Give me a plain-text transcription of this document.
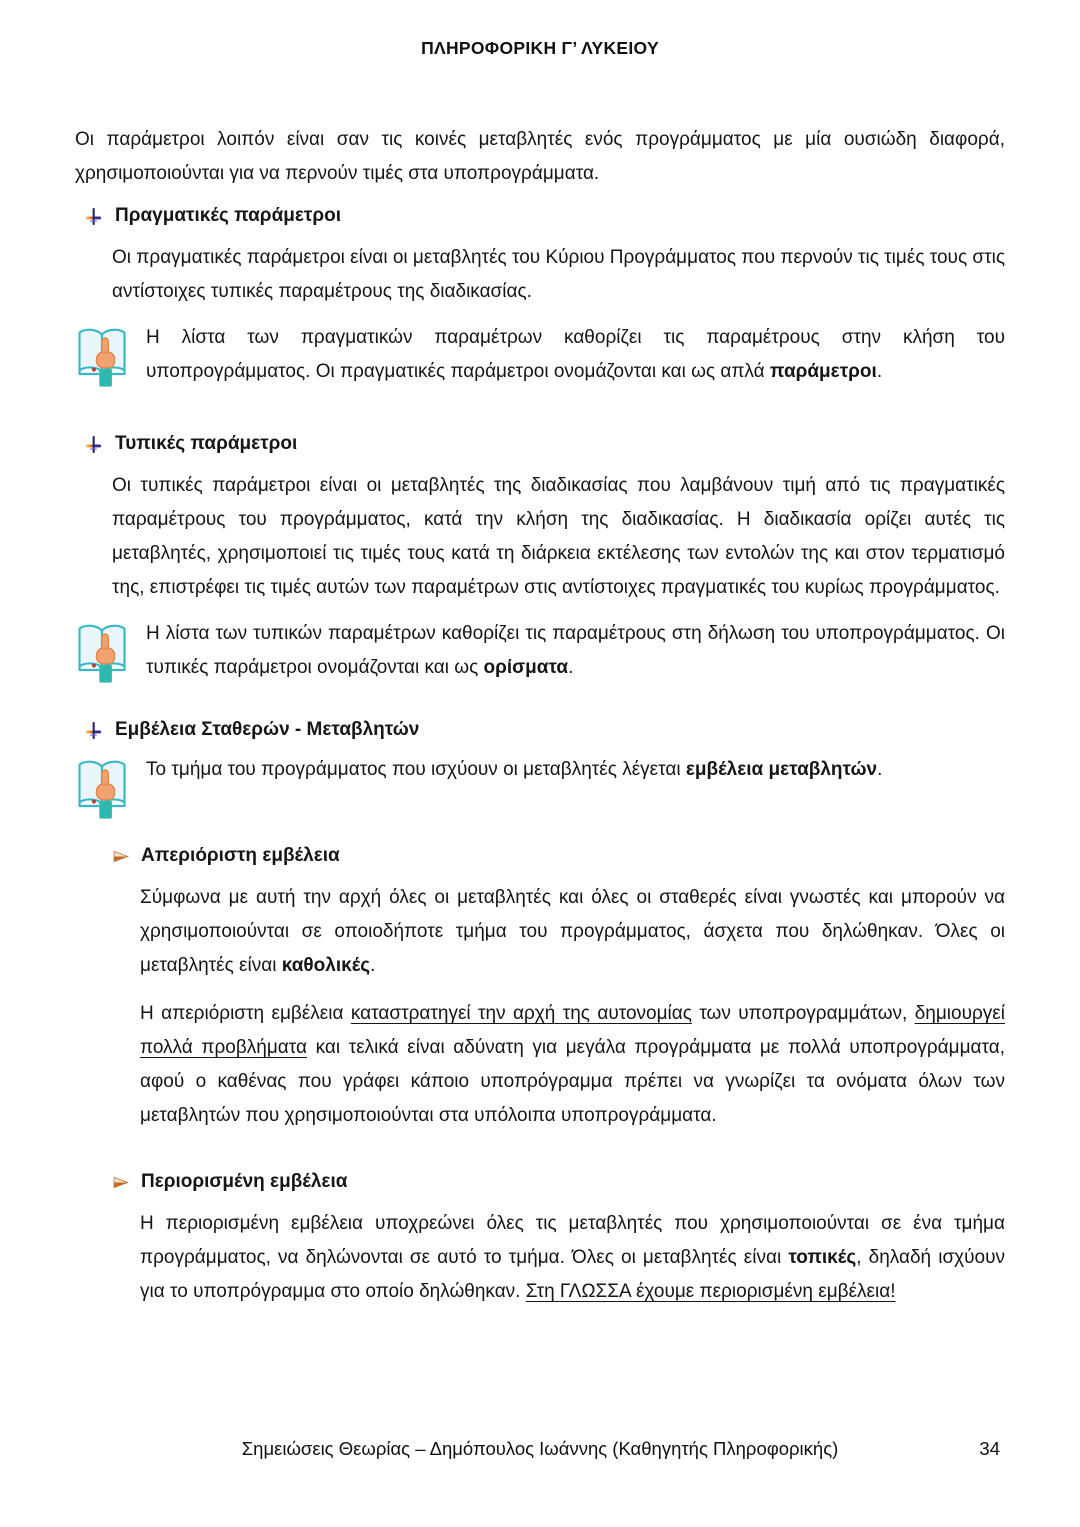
ΠΛΗΡΟΦΟΡΙΚΗ Γ’ ΛΥΚΕΙΟΥ

Οι παράμετροι λοιπόν είναι σαν τις κοινές μεταβλητές ενός προγράμματος με μία ουσιώδη διαφορά, χρησιμοποιούνται για να περνούν τιμές στα υποπρογράμματα.

Πραγματικές παράμετροι

Οι πραγματικές παράμετροι είναι οι μεταβλητές του Κύριου Προγράμματος που περνούν τις τιμές τους στις αντίστοιχες τυπικές παραμέτρους της διαδικασίας.

Η λίστα των πραγματικών παραμέτρων καθορίζει τις παραμέτρους στην κλήση του υποπρογράμματος. Οι πραγματικές παράμετροι ονομάζονται και ως απλά παράμετροι.

Τυπικές παράμετροι

Οι τυπικές παράμετροι είναι οι μεταβλητές της διαδικασίας που λαμβάνουν τιμή από τις πραγματικές παραμέτρους του προγράμματος, κατά την κλήση της διαδικασίας. Η διαδικασία ορίζει αυτές τις μεταβλητές, χρησιμοποιεί τις τιμές τους κατά τη διάρκεια εκτέλεσης των εντολών της και στον τερματισμό της, επιστρέφει τις τιμές αυτών των παραμέτρων στις αντίστοιχες πραγματικές του κυρίως προγράμματος.

Η λίστα των τυπικών παραμέτρων καθορίζει τις παραμέτρους στη δήλωση του υποπρογράμματος. Οι τυπικές παράμετροι ονομάζονται και ως ορίσματα.

Εμβέλεια Σταθερών - Μεταβλητών

Το τμήμα του προγράμματος που ισχύουν οι μεταβλητές λέγεται εμβέλεια μεταβλητών.

Απεριόριστη εμβέλεια

Σύμφωνα με αυτή την αρχή όλες οι μεταβλητές και όλες οι σταθερές είναι γνωστές και μπορούν να χρησιμοποιούνται σε οποιοδήποτε τμήμα του προγράμματος, άσχετα που δηλώθηκαν. Όλες οι μεταβλητές είναι καθολικές.

Η απεριόριστη εμβέλεια καταστρατηγεί την αρχή της αυτονομίας των υποπρογραμμάτων, δημιουργεί πολλά προβλήματα και τελικά είναι αδύνατη για μεγάλα προγράμματα με πολλά υποπρογράμματα, αφού ο καθένας που γράφει κάποιο υποπρόγραμμα πρέπει να γνωρίζει τα ονόματα όλων των μεταβλητών που χρησιμοποιούνται στα υπόλοιπα υποπρογράμματα.

Περιορισμένη εμβέλεια

Η περιορισμένη εμβέλεια υποχρεώνει όλες τις μεταβλητές που χρησιμοποιούνται σε ένα τμήμα προγράμματος, να δηλώνονται σε αυτό το τμήμα. Όλες οι μεταβλητές είναι τοπικές, δηλαδή ισχύουν για το υποπρόγραμμα στο οποίο δηλώθηκαν. Στη ΓΛΩΣΣΑ έχουμε περιορισμένη εμβέλεια!

Σημειώσεις Θεωρίας – Δημόπουλος Ιωάννης (Καθηγητής Πληροφορικής)	34
